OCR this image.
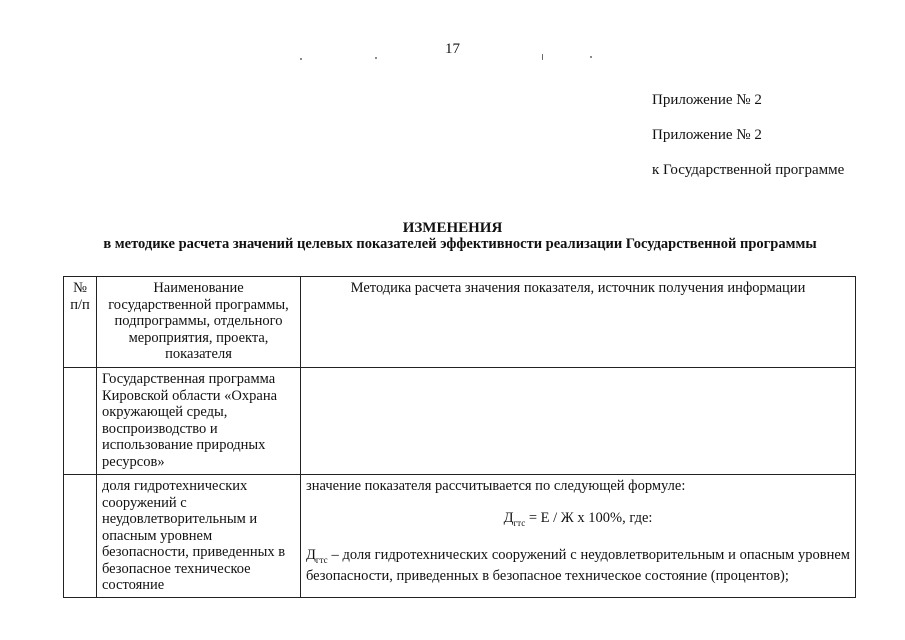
17
Приложение № 2
Приложение № 2
к Государственной программе
ИЗМЕНЕНИЯ
в методике расчета значений целевых показателей эффективности реализации Государственной программы
№ п/п	Наименование государственной программы, подпрограммы, отдельного мероприятия, проекта, показателя	Методика расчета значения показателя, источник получения информации
	Государственная программа Кировской области «Охрана окружающей среды, воспроизводство и использование природных ресурсов»	
	доля гидротехнических сооружений с неудовлетворительным и опасным уровнем безопасности, приведенных в безопасное техническое состояние	значение показателя рассчитывается по следующей формуле:
$Д_{гтс} = Е / Ж$ х 100%, где:
$Д_{гтс}$ – доля гидротехнических сооружений с неудовлетворительным и опасным уровнем безопасности, приведенных в безопасное техническое состояние (процентов);
